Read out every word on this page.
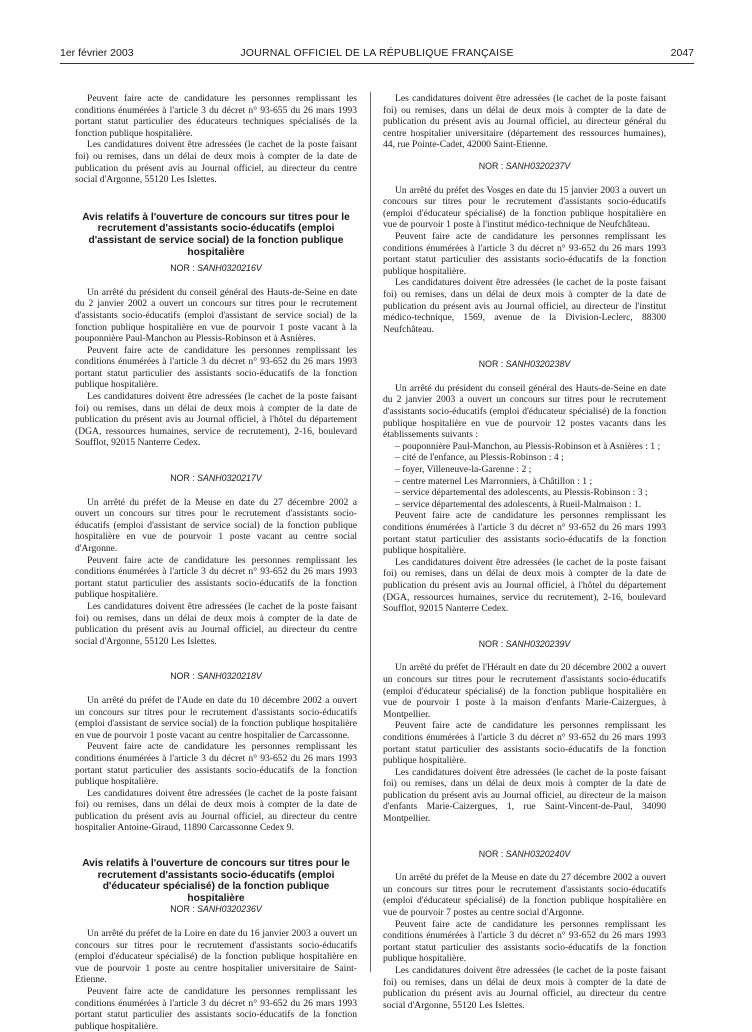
1er février 2003	JOURNAL OFFICIEL DE LA RÉPUBLIQUE FRANÇAISE	2047

Peuvent faire acte de candidature les personnes remplissant les conditions énumérées à l'article 3 du décret n° 93-655 du 26 mars 1993 portant statut particulier des éducateurs techniques spécialisés de la fonction publique hospitalière.

Les candidatures doivent être adressées (le cachet de la poste faisant foi) ou remises, dans un délai de deux mois à compter de la date de publication du présent avis au Journal officiel, au directeur du centre social d'Argonne, 55120 Les Islettes.

Avis relatifs à l'ouverture de concours sur titres pour le recrutement d'assistants socio-éducatifs (emploi d'assistant de service social) de la fonction publique hospitalière

NOR : SANH0320216V

Un arrêté du président du conseil général des Hauts-de-Seine en date du 2 janvier 2002 a ouvert un concours sur titres pour le recrutement d'assistants socio-éducatifs (emploi d'assistant de service social) de la fonction publique hospitalière en vue de pourvoir 1 poste vacant à la pouponnière Paul-Manchon au Plessis-Robinson et à Asnières.

Peuvent faire acte de candidature les personnes remplissant les conditions énumérées à l'article 3 du décret n° 93-652 du 26 mars 1993 portant statut particulier des assistants socio-éducatifs de la fonction publique hospitalière.

Les candidatures doivent être adressées (le cachet de la poste faisant foi) ou remises, dans un délai de deux mois à compter de la date de publication du présent avis au Journal officiel, à l'hôtel du département (DGA, ressources humaines, service de recrutement), 2-16, boulevard Soufflot, 92015 Nanterre Cedex.

NOR : SANH0320217V

Un arrêté du préfet de la Meuse en date du 27 décembre 2002 a ouvert un concours sur titres pour le recrutement d'assistants socio-éducatifs (emploi d'assistant de service social) de la fonction publique hospitalière en vue de pourvoir 1 poste vacant au centre social d'Argonne.

Peuvent faire acte de candidature les personnes remplissant les conditions énumérées à l'article 3 du décret n° 93-652 du 26 mars 1993 portant statut particulier des assistants socio-éducatifs de la fonction publique hospitalière.

Les candidatures doivent être adressées (le cachet de la poste faisant foi) ou remises, dans un délai de deux mois à compter de la date de publication du présent avis au Journal officiel, au directeur du centre social d'Argonne, 55120 Les Islettes.

NOR : SANH0320218V

Un arrêté du préfet de l'Aude en date du 10 décembre 2002 a ouvert un concours sur titres pour le recrutement d'assistants socio-éducatifs (emploi d'assistant de service social) de la fonction publique hospitalière en vue de pourvoir 1 poste vacant au centre hospitalier de Carcassonne.

Peuvent faire acte de candidature les personnes remplissant les conditions énumérées à l'article 3 du décret n° 93-652 du 26 mars 1993 portant statut particulier des assistants socio-éducatifs de la fonction publique hospitalière.

Les candidatures doivent être adressées (le cachet de la poste faisant foi) ou remises, dans un délai de deux mois à compter de la date de publication du présent avis au Journal officiel, au directeur du centre hospitalier Antoine-Giraud, 11890 Carcassonne Cedex 9.

Avis relatifs à l'ouverture de concours sur titres pour le recrutement d'assistants socio-éducatifs (emploi d'éducateur spécialisé) de la fonction publique hospitalière

NOR : SANH0320236V

Un arrêté du préfet de la Loire en date du 16 janvier 2003 a ouvert un concours sur titres pour le recrutement d'assistants socio-éducatifs (emploi d'éducateur spécialisé) de la fonction publique hospitalière en vue de pourvoir 1 poste au centre hospitalier universitaire de Saint-Etienne.

Peuvent faire acte de candidature les personnes remplissant les conditions énumérées à l'article 3 du décret n° 93-652 du 26 mars 1993 portant statut particulier des assistants socio-éducatifs de la fonction publique hospitalière.

Les candidatures doivent être adressées (le cachet de la poste faisant foi) ou remises, dans un délai de deux mois à compter de la date de publication du présent avis au Journal officiel, au directeur général du centre hospitalier universitaire (département des ressources humaines), 44, rue Pointe-Cadet, 42000 Saint-Etienne.

NOR : SANH0320237V

Un arrêté du préfet des Vosges en date du 15 janvier 2003 a ouvert un concours sur titres pour le recrutement d'assistants socio-éducatifs (emploi d'éducateur spécialisé) de la fonction publique hospitalière en vue de pourvoir 1 poste à l'institut médico-technique de Neufchâteau.

Peuvent faire acte de candidature les personnes remplissant les conditions énumérées à l'article 3 du décret n° 93-652 du 26 mars 1993 portant statut particulier des assistants socio-éducatifs de la fonction publique hospitalière.

Les candidatures doivent être adressées (le cachet de la poste faisant foi) ou remises, dans un délai de deux mois à compter de la date de publication du présent avis au Journal officiel, au directeur de l'institut médico-technique, 1569, avenue de la Division-Leclerc, 88300 Neufchâteau.

NOR : SANH0320238V

Un arrêté du président du conseil général des Hauts-de-Seine en date du 2 janvier 2003 a ouvert un concours sur titres pour le recrutement d'assistants socio-éducatifs (emploi d'éducateur spécialisé) de la fonction publique hospitalière en vue de pourvoir 12 postes vacants dans les établissements suivants :

– pouponnière Paul-Manchon, au Plessis-Robinson et à Asnières : 1 ;
– cité de l'enfance, au Plessis-Robinson : 4 ;
– foyer, Villeneuve-la-Garenne : 2 ;
– centre maternel Les Marronniers, à Châtillon : 1 ;
– service départemental des adolescents, au Plessis-Robinson : 3 ;
– service départemental des adolescents, à Rueil-Malmaison : 1.

Peuvent faire acte de candidature les personnes remplissant les conditions énumérées à l'article 3 du décret n° 93-652 du 26 mars 1993 portant statut particulier des assistants socio-éducatifs de la fonction publique hospitalière.

Les candidatures doivent être adressées (le cachet de la poste faisant foi) ou remises, dans un délai de deux mois à compter de la date de publication du présent avis au Journal officiel, à l'hôtel du département (DGA, ressources humaines, service du recrutement), 2-16, boulevard Soufflot, 92015 Nanterre Cedex.

NOR : SANH0320239V

Un arrêté du préfet de l'Hérault en date du 20 décembre 2002 a ouvert un concours sur titres pour le recrutement d'assistants socio-éducatifs (emploi d'éducateur spécialisé) de la fonction publique hospitalière en vue de pourvoir 1 poste à la maison d'enfants Marie-Caizergues, à Montpellier.

Peuvent faire acte de candidature les personnes remplissant les conditions énumérées à l'article 3 du décret n° 93-652 du 26 mars 1993 portant statut particulier des assistants socio-éducatifs de la fonction publique hospitalière.

Les candidatures doivent être adressées (le cachet de la poste faisant foi) ou remises, dans un délai de deux mois à compter de la date de publication du présent avis au Journal officiel, au directeur de la maison d'enfants Marie-Caizergues, 1, rue Saint-Vincent-de-Paul, 34090 Montpellier.

NOR : SANH0320240V

Un arrêté du préfet de la Meuse en date du 27 décembre 2002 a ouvert un concours sur titres pour le recrutement d'assistants socio-éducatifs (emploi d'éducateur spécialisé) de la fonction publique hospitalière en vue de pourvoir 7 postes au centre social d'Argonne.

Peuvent faire acte de candidature les personnes remplissant les conditions énumérées à l'article 3 du décret n° 93-652 du 26 mars 1993 portant statut particulier des assistants socio-éducatifs de la fonction publique hospitalière.

Les candidatures doivent être adressées (le cachet de la poste faisant foi) ou remises, dans un délai de deux mois à compter de la date de publication du présent avis au Journal officiel, au directeur du centre social d'Argonne, 55120 Les Islettes.
